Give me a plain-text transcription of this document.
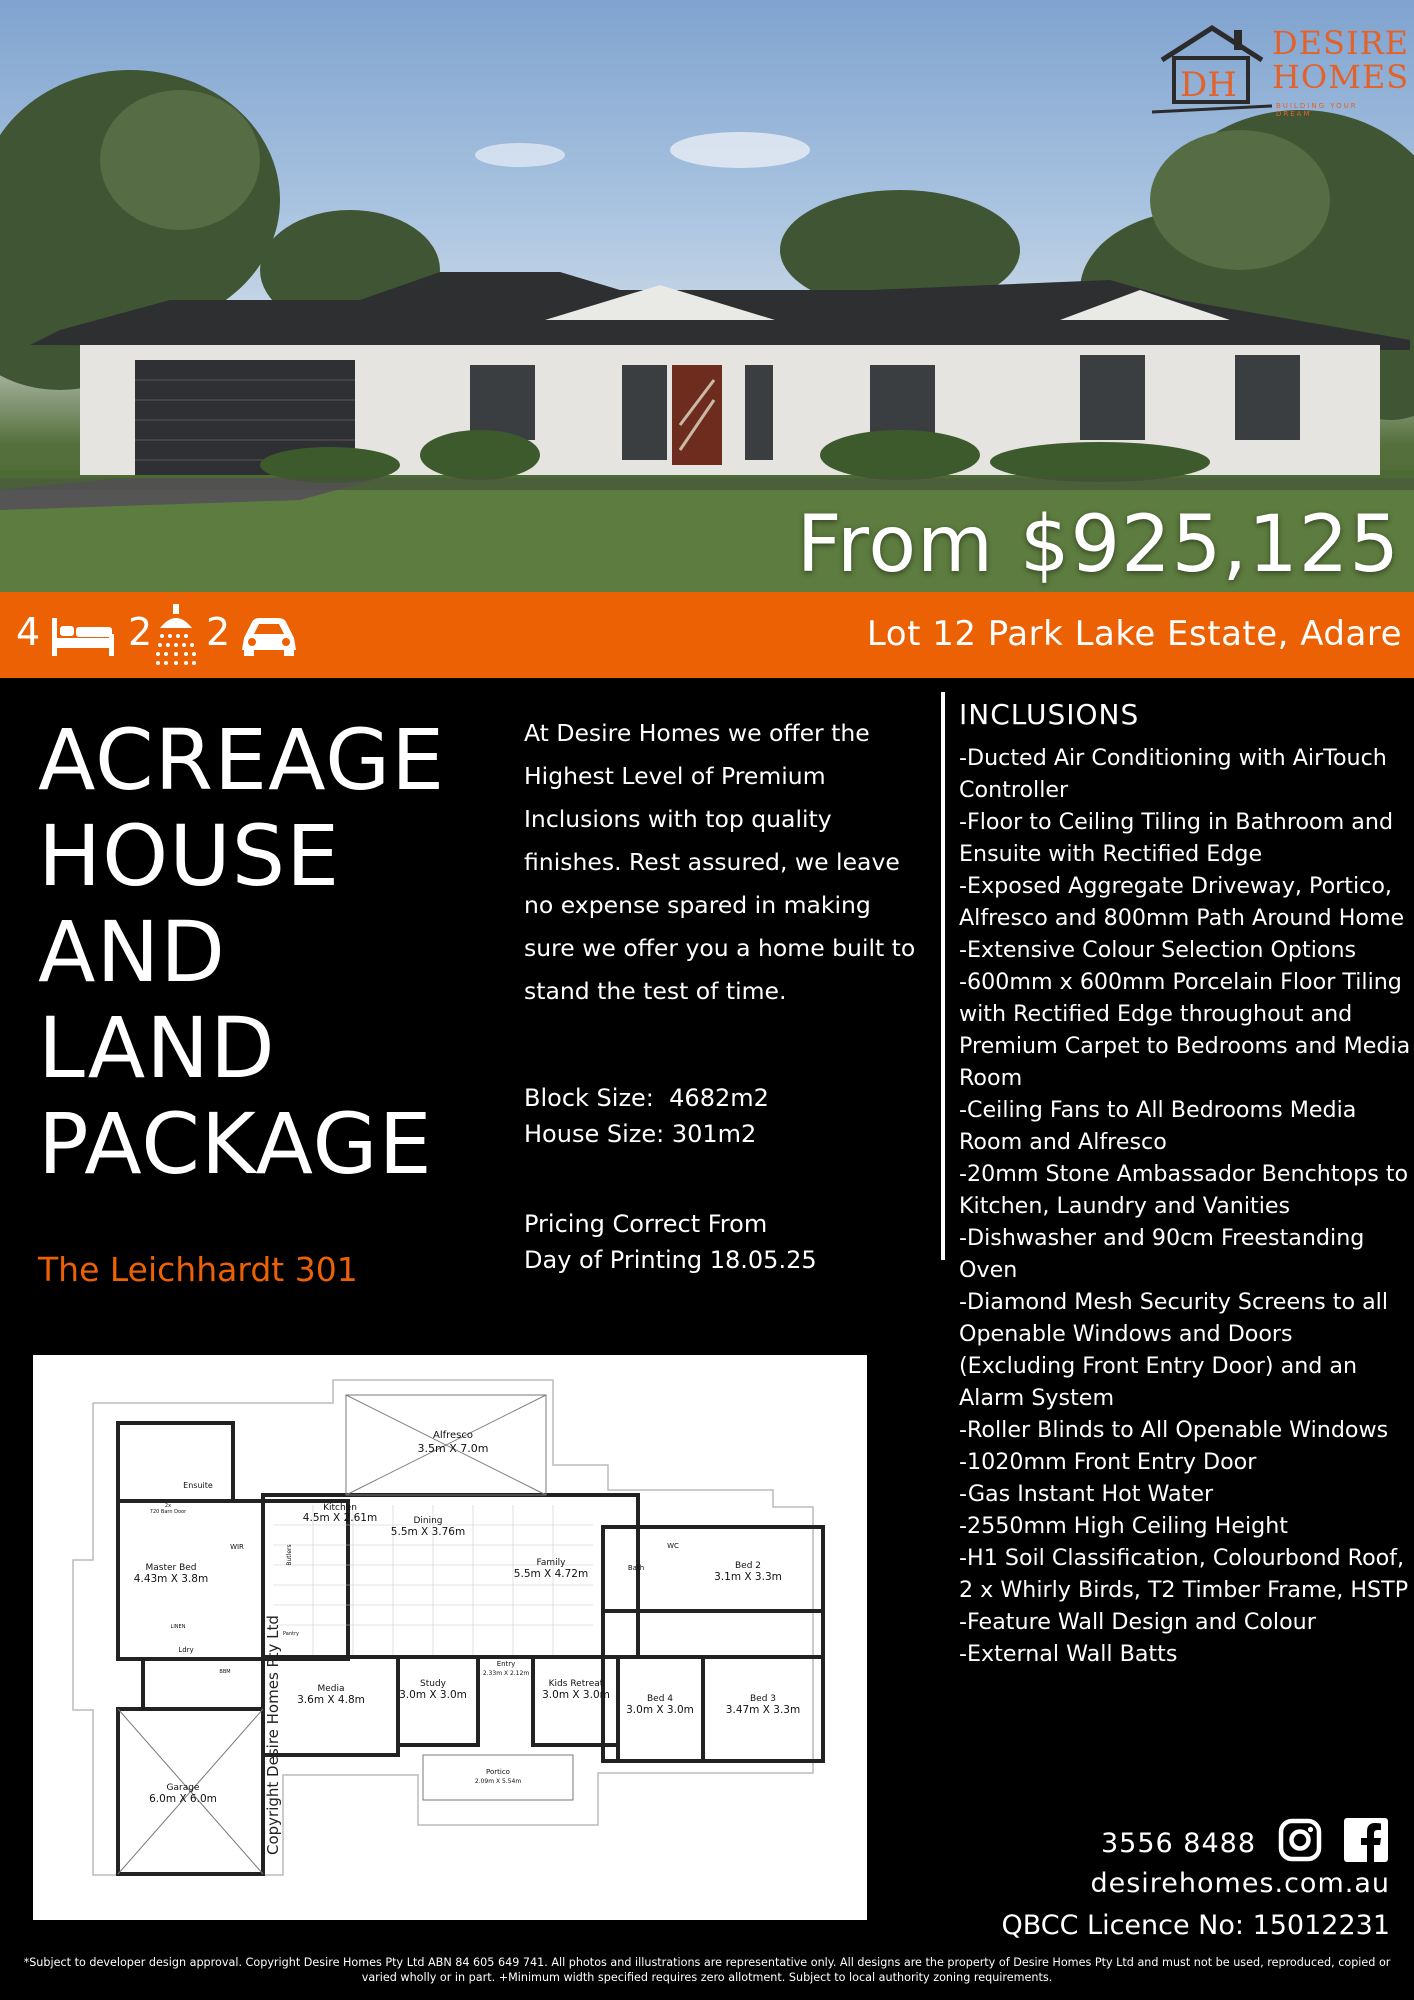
DH
DESIRE
HOMES
BUILDING YOUR DREAM
From $925,125
4 2 2	Lot 12 Park Lake Estate, Adare
ACREAGE
HOUSE
AND
LAND
PACKAGE
The Leichhardt 301
At Desire Homes we offer the Highest Level of Premium Inclusions with top quality finishes. Rest assured, we leave no expense spared in making sure we offer you a home built to stand the test of time.
Block Size:  4682m2
House Size: 301m2
Pricing Correct From
Day of Printing 18.05.25
INCLUSIONS
-Ducted Air Conditioning with AirTouch Controller
-Floor to Ceiling Tiling in Bathroom and Ensuite with Rectified Edge
-Exposed Aggregate Driveway, Portico, Alfresco and 800mm Path Around Home
-Extensive Colour Selection Options
-600mm x 600mm Porcelain Floor Tiling with Rectified Edge throughout and Premium Carpet to Bedrooms and Media Room
-Ceiling Fans to All Bedrooms Media Room and Alfresco
-20mm Stone Ambassador Benchtops to Kitchen, Laundry and Vanities
-Dishwasher and 90cm Freestanding Oven
-Diamond Mesh Security Screens to all Openable Windows and Doors (Excluding Front Entry Door) and an Alarm System
-Roller Blinds to All Openable Windows
-1020mm Front Entry Door
-Gas Instant Hot Water
-2550mm High Ceiling Height
-H1 Soil Classification, Colourbond Roof, 2 x Whirly Birds, T2 Timber Frame, HSTP
-Feature Wall Design and Colour
-External Wall Batts
Alfresco
3.5m X 7.0m
Ensuite
2x
720 Barn Door	Kitchen
4.5m X 2.61m	Dining
5.5m X 3.76m
Family
5.5m X 4.72m
Master Bed
4.43m X 3.8m
WIR
Pantry
Butlers
Bath
WC
Bed 2
3.1m X 3.3m
LINEN
Ldry
BBM
Media
3.6m X 4.8m
Study
3.0m X 3.0m
Entry
2.33m X 2.12m
Kids Retreat
3.0m X 3.0m	Bed 4
3.0m X 3.0m
Bed 3
3.47m X 3.3m
Portico
2.09m X 5.54m
Garage
6.0m X 6.0m	Copyright Desire Homes Pty Ltd	3556 8488
desirehomes.com.au
QBCC Licence No: 15012231
*Subject to developer design approval. Copyright Desire Homes Pty Ltd ABN 84 605 649 741. All photos and illustrations are representative only. All designs are the property of Desire Homes Pty Ltd and must not be used, reproduced, copied or varied wholly or in part. +Minimum width specified requires zero allotment. Subject to local authority zoning requirements.
